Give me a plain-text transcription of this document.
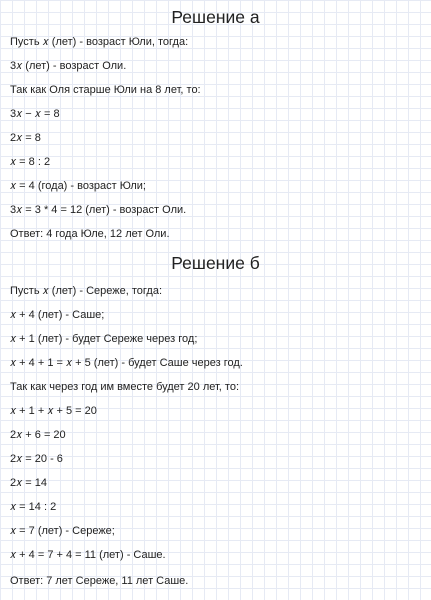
Решение а
Пусть 𝑥 (лет) - возраст Юли, тогда:
3𝑥 (лет) - возраст Оли.
Так как Оля старше Юли на 8 лет, то:
3𝑥 − 𝑥 = 8
2𝑥 = 8
𝑥 = 8 : 2
𝑥 = 4 (года) - возраст Юли;
3𝑥 = 3 * 4 = 12 (лет) - возраст Оли.
Ответ: 4 года Юле, 12 лет Оли.
Решение б
Пусть 𝑥 (лет) - Сереже, тогда:
𝑥 + 4 (лет) - Саше;
𝑥 + 1 (лет) - будет Сереже через год;
𝑥 + 4 + 1 = 𝑥 + 5 (лет) - будет Саше через год.
Так как через год им вместе будет 20 лет, то:
𝑥 + 1 + 𝑥 + 5 = 20
2𝑥 + 6 = 20
2𝑥 = 20 - 6
2𝑥 = 14
𝑥 = 14 : 2
𝑥 = 7 (лет) - Сереже;
𝑥 + 4 = 7 + 4 = 11 (лет) - Саше.
Ответ: 7 лет Сереже, 11 лет Саше.
